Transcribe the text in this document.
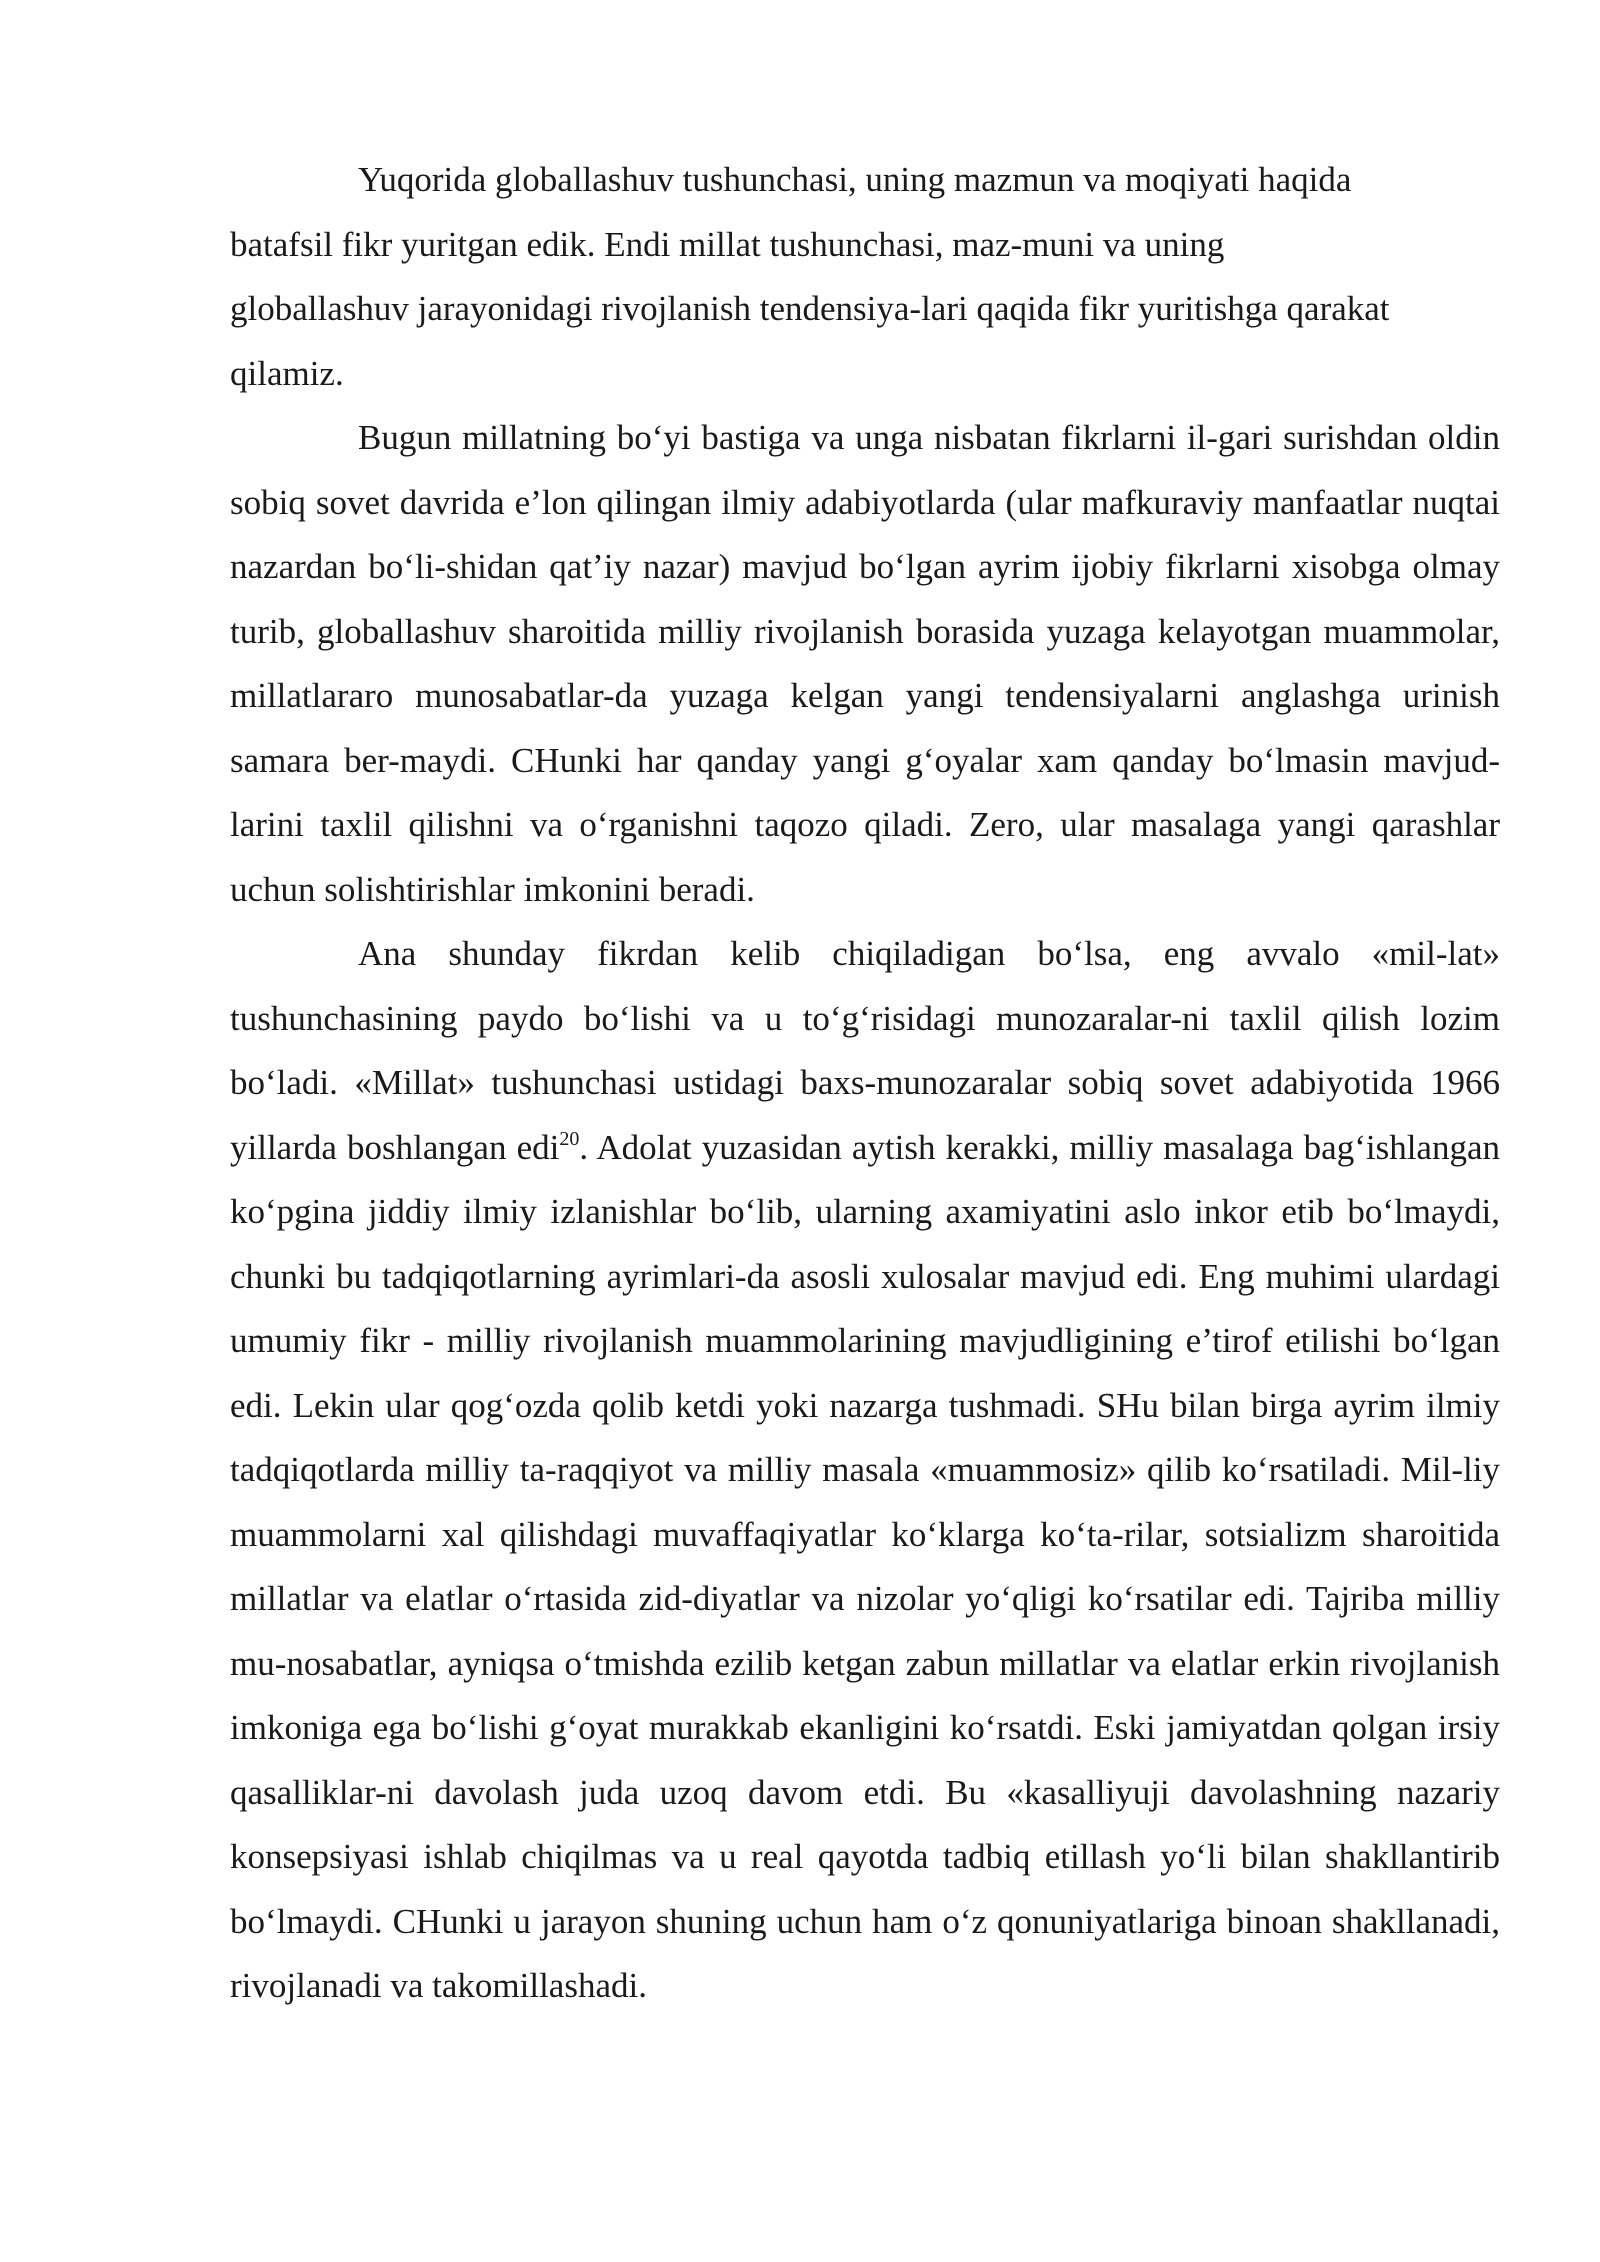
Yuqorida globallashuv tushunchasi, uning mazmun va moqiyati haqida
batafsil fikr yuritgan edik. Endi millat tushunchasi, maz-muni va uning
globallashuv jarayonidagi rivojlanish tendensiya-lari qaqida fikr yuritishga qarakat
qilamiz.

Bugun millatning bo‘yi bastiga va unga nisbatan fikrlarni il-gari surishdan oldin sobiq sovet davrida e’lon qilingan ilmiy adabiyotlarda (ular mafkuraviy manfaatlar nuqtai nazardan bo‘li-shidan qat’iy nazar) mavjud bo‘lgan ayrim ijobiy fikrlarni xisobga olmay turib, globallashuv sharoitida milliy rivojlanish borasida yuzaga kelayotgan muammolar, millatlararo munosabatlar-da yuzaga kelgan yangi tendensiyalarni anglashga urinish samara ber-maydi. CHunki har qanday yangi g‘oyalar xam qanday bo‘lmasin mavjud-larini taxlil qilishni va o‘rganishni taqozo qiladi. Zero, ular masalaga yangi qarashlar uchun solishtirishlar imkonini beradi.

Ana shunday fikrdan kelib chiqiladigan bo‘lsa, eng avvalo «mil-lat» tushunchasining paydo bo‘lishi va u to‘g‘risidagi munozaralar-ni taxlil qilish lozim bo‘ladi. «Millat» tushunchasi ustidagi baxs-munozaralar sobiq sovet adabiyotida 1966 yillarda boshlangan edi$^{20}$. Adolat yuzasidan aytish kerakki, milliy masalaga bag‘ishlangan ko‘pgina jiddiy ilmiy izlanishlar bo‘lib, ularning axamiyatini aslo inkor etib bo‘lmaydi, chunki bu tadqiqotlarning ayrimlari-da asosli xulosalar mavjud edi. Eng muhimi ulardagi umumiy fikr - milliy rivojlanish muammolarining mavjudligining e’tirof etilishi bo‘lgan edi. Lekin ular qog‘ozda qolib ketdi yoki nazarga tushmadi. SHu bilan birga ayrim ilmiy tadqiqotlarda milliy ta-raqqiyot va milliy masala «muammosiz» qilib ko‘rsatiladi. Mil-liy muammolarni xal qilishdagi muvaffaqiyatlar ko‘klarga ko‘ta-rilar, sotsializm sharoitida millatlar va elatlar o‘rtasida zid-diyatlar va nizolar yo‘qligi ko‘rsatilar edi. Tajriba milliy mu-nosabatlar, ayniqsa o‘tmishda ezilib ketgan zabun millatlar va elatlar erkin rivojlanish imkoniga ega bo‘lishi g‘oyat murakkab ekanligini ko‘rsatdi. Eski jamiyatdan qolgan irsiy qasalliklar-ni davolash juda uzoq davom etdi. Bu «kasalliyuji davolashning nazariy konsepsiyasi ishlab chiqilmas va u real qayotda tadbiq etillash yo‘li bilan shakllantirib bo‘lmaydi. CHunki u jarayon shuning uchun ham o‘z qonuniyatlariga binoan shakllanadi, rivojlanadi va takomillashadi.
